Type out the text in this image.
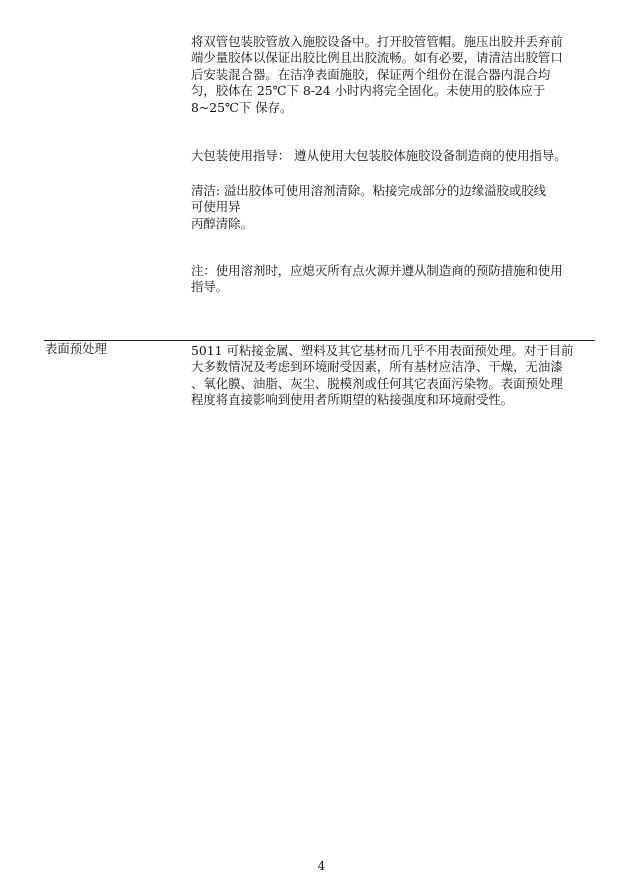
将双管包装胶管放入施胶设备中。打开胶管管帽。施压出胶并丢弃前
端少量胶体以保证出胶比例且出胶流畅。如有必要，请清洁出胶管口
后安装混合器。在洁净表面施胶，保证两个组份在混合器内混合均
匀，胶体在 25℃下 8-24 小时内将完全固化。未使用的胶体应于
8~25℃下 保存。
大包装使用指导： 遵从使用大包装胶体施胶设备制造商的使用指导。
清洁: 溢出胶体可使用溶剂清除。粘接完成部分的边缘溢胶或胶线
可使用异
丙醇清除。
注：使用溶剂时，应熄灭所有点火源并遵从制造商的预防措施和使用
指导。
表面预处理	5011 可粘接金属、塑料及其它基材而几乎不用表面预处理。对于目前
大多数情况及考虑到环境耐受因素，所有基材应洁净、干燥，无油漆
、氧化膜、油脂、灰尘、脱模剂或任何其它表面污染物。表面预处理
程度将直接影响到使用者所期望的粘接强度和环境耐受性。
4
